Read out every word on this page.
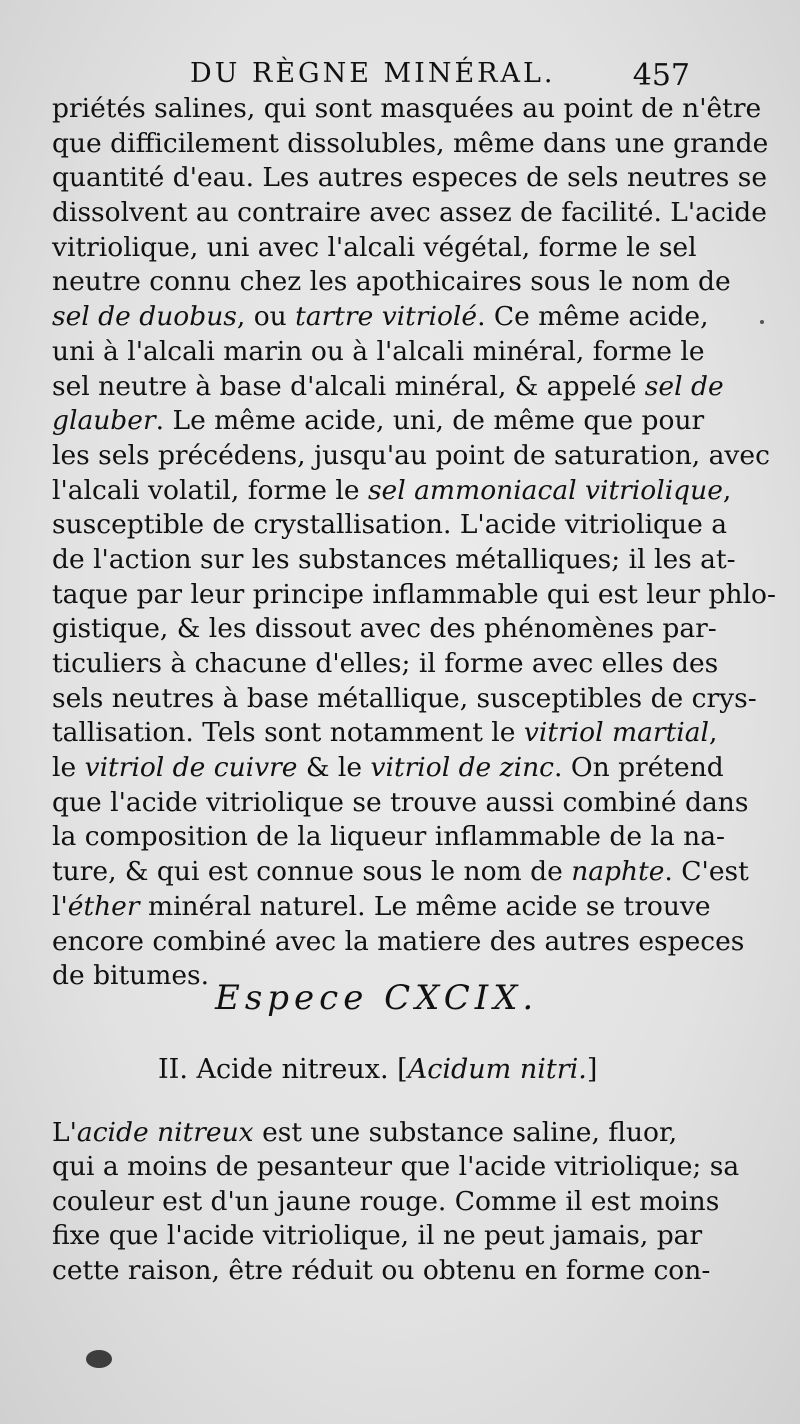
DU RÈGNE MINÉRAL.	457
priétés salines, qui sont masquées au point de n'être
que difficilement dissolubles, même dans une grande
quantité d'eau. Les autres especes de sels neutres se
dissolvent au contraire avec assez de facilité. L'acide
vitriolique, uni avec l'alcali végétal, forme le sel
neutre connu chez les apothicaires sous le nom de
sel de duobus, ou tartre vitriolé. Ce même acide,
uni à l'alcali marin ou à l'alcali minéral, forme le
sel neutre à base d'alcali minéral, & appelé sel de
glauber. Le même acide, uni, de même que pour
les sels précédens, jusqu'au point de saturation, avec
l'alcali volatil, forme le sel ammoniacal vitriolique,
susceptible de crystallisation. L'acide vitriolique a
de l'action sur les substances métalliques; il les at-
taque par leur principe inflammable qui est leur phlo-
gistique, & les dissout avec des phénomènes par-
ticuliers à chacune d'elles; il forme avec elles des
sels neutres à base métallique, susceptibles de crys-
tallisation. Tels sont notamment le vitriol martial,
le vitriol de cuivre & le vitriol de zinc. On prétend
que l'acide vitriolique se trouve aussi combiné dans
la composition de la liqueur inflammable de la na-
ture, & qui est connue sous le nom de naphte. C'est
l'éther minéral naturel. Le même acide se trouve
encore combiné avec la matiere des autres especes
de bitumes.
Espece CXCIX.
II. Acide nitreux. [Acidum nitri.]
L'acide nitreux est une substance saline, fluor,
qui a moins de pesanteur que l'acide vitriolique; sa
couleur est d'un jaune rouge. Comme il est moins
fixe que l'acide vitriolique, il ne peut jamais, par
cette raison, être réduit ou obtenu en forme con-
